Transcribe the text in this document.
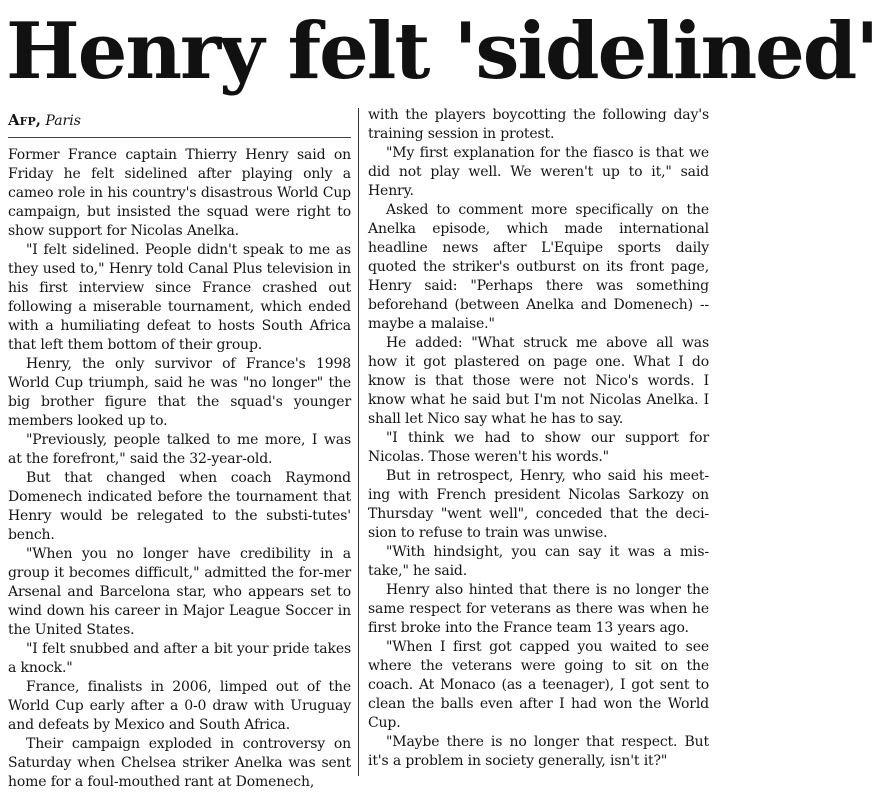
Henry felt 'sidelined'
Afp, Paris

Former France captain Thierry Henry said on Friday he felt sidelined after playing only a cameo role in his country's disastrous World Cup campaign, but insisted the squad were right to show support for Nicolas Anelka.

"I felt sidelined. People didn't speak to me as they used to," Henry told Canal Plus television in his first interview since France crashed out following a miserable tournament, which ended with a humiliating defeat to hosts South Africa that left them bottom of their group.

Henry, the only survivor of France's 1998 World Cup triumph, said he was "no longer" the big brother figure that the squad's younger members looked up to.

"Previously, people talked to me more, I was at the forefront," said the 32-year-old.

But that changed when coach Raymond Domenech indicated before the tournament that Henry would be relegated to the substi-tutes' bench.

"When you no longer have credibility in a group it becomes difficult," admitted the for-mer Arsenal and Barcelona star, who appears set to wind down his career in Major League Soccer in the United States.

"I felt snubbed and after a bit your pride takes a knock."

France, finalists in 2006, limped out of the World Cup early after a 0-0 draw with Uruguay and defeats by Mexico and South Africa.

Their campaign exploded in controversy on Saturday when Chelsea striker Anelka was sent home for a foul-mouthed rant at Domenech,

with the players boycotting the following day's training session in protest.

"My first explanation for the fiasco is that we did not play well. We weren't up to it," said Henry.

Asked to comment more specifically on the Anelka episode, which made international headline news after L'Equipe sports daily quoted the striker's outburst on its front page, Henry said: "Perhaps there was something beforehand (between Anelka and Domenech) -- maybe a malaise."

He added: "What struck me above all was how it got plastered on page one. What I do know is that those were not Nico's words. I know what he said but I'm not Nicolas Anelka. I shall let Nico say what he has to say.

"I think we had to show our support for Nicolas. Those weren't his words."

But in retrospect, Henry, who said his meet-ing with French president Nicolas Sarkozy on Thursday "went well", conceded that the deci-sion to refuse to train was unwise.

"With hindsight, you can say it was a mis-take," he said.

Henry also hinted that there is no longer the same respect for veterans as there was when he first broke into the France team 13 years ago.

"When I first got capped you waited to see where the veterans were going to sit on the coach. At Monaco (as a teenager), I got sent to clean the balls even after I had won the World Cup.

"Maybe there is no longer that respect. But it's a problem in society generally, isn't it?"
